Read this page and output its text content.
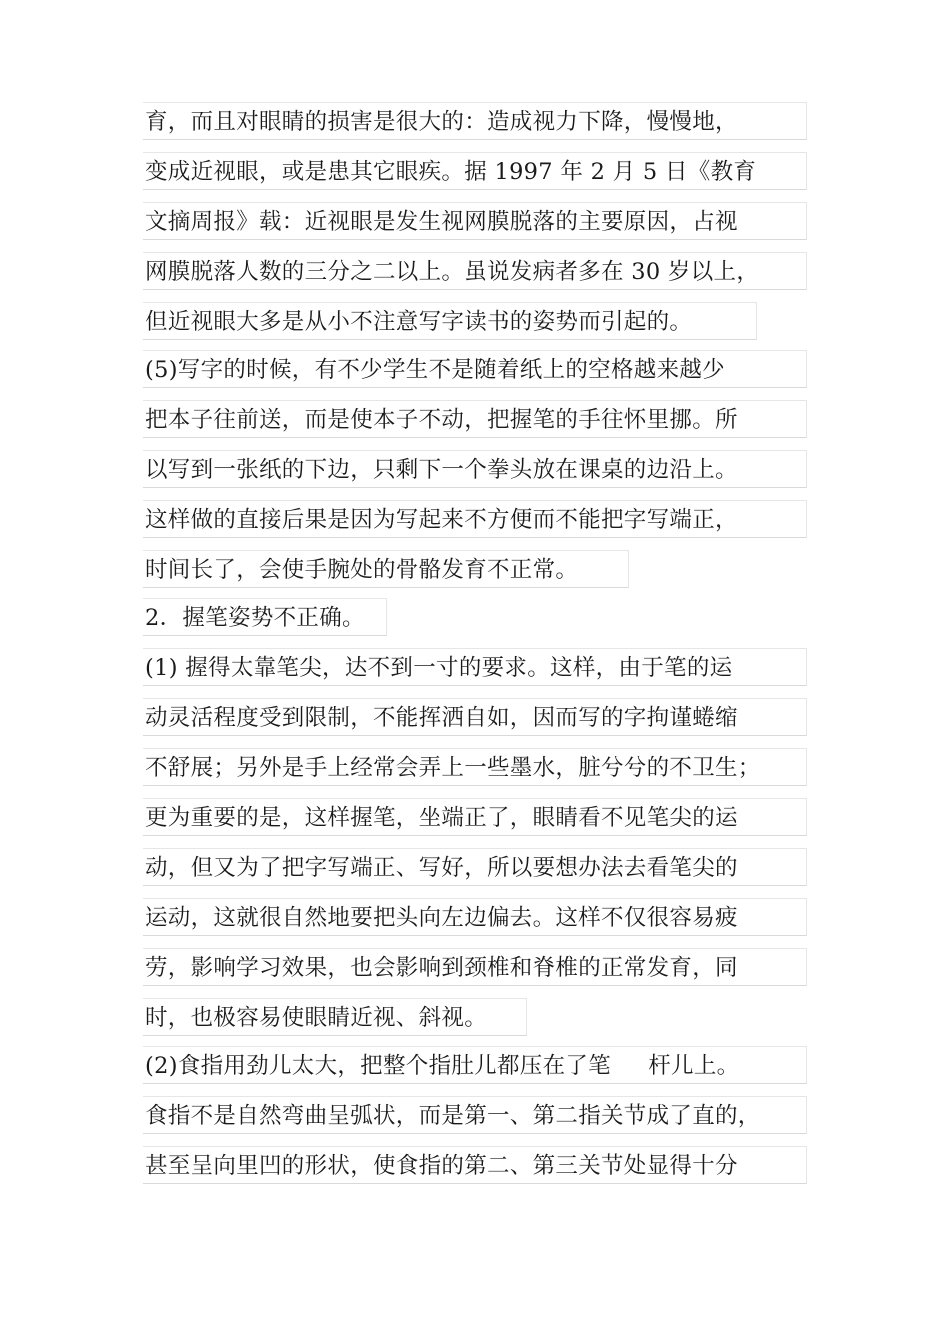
育，而且对眼睛的损害是很大的：造成视力下降，慢慢地，
变成近视眼，或是患其它眼疾。据 1997 年 2 月 5 日《教育
文摘周报》载：近视眼是发生视网膜脱落的主要原因，占视
网膜脱落人数的三分之二以上。虽说发病者多在 30 岁以上，
但近视眼大多是从小不注意写字读书的姿势而引起的。
(5)写字的时候，有不少学生不是随着纸上的空格越来越少
把本子往前送，而是使本子不动，把握笔的手往怀里挪。所
以写到一张纸的下边，只剩下一个拳头放在课桌的边沿上。
这样做的直接后果是因为写起来不方便而不能把字写端正，
时间长了，会使手腕处的骨骼发育不正常。
2．握笔姿势不正确。
(1) 握得太靠笔尖，达不到一寸的要求。这样，由于笔的运
动灵活程度受到限制，不能挥洒自如，因而写的字拘谨蜷缩
不舒展；另外是手上经常会弄上一些墨水，脏兮兮的不卫生；
更为重要的是，这样握笔，坐端正了，眼睛看不见笔尖的运
动，但又为了把字写端正、写好，所以要想办法去看笔尖的
运动，这就很自然地要把头向左边偏去。这样不仅很容易疲
劳，影响学习效果，也会影响到颈椎和脊椎的正常发育，同
时，也极容易使眼睛近视、斜视。
(2)食指用劲儿太大，把整个指肚儿都压在了笔     杆儿上。
食指不是自然弯曲呈弧状，而是第一、第二指关节成了直的，
甚至呈向里凹的形状，使食指的第二、第三关节处显得十分
